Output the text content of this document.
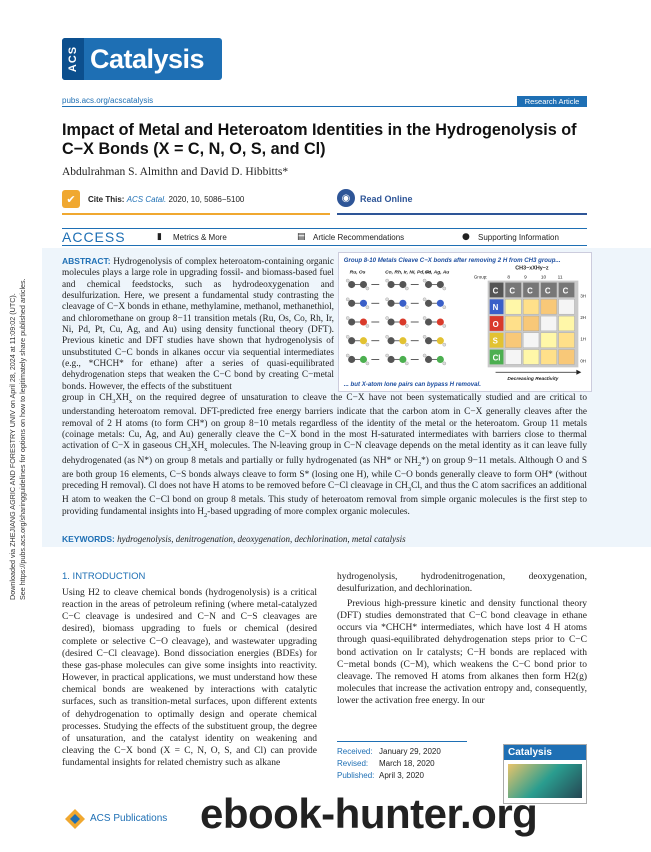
Downloaded via ZHEJIANG AGRIC AND FORESTRY UNIV on April 28, 2024 at 11:09:02 (UTC). See https://pubs.acs.org/sharingguidelines for options on how to legitimately share published articles.
ACS Catalysis
pubs.acs.org/acscatalysis	Research Article
Impact of Metal and Heteroatom Identities in the Hydrogenolysis of C−X Bonds (X = C, N, O, S, and Cl)
Abdulrahman S. Almithn and David D. Hibbitts*
✔	Cite This: ACS Catal. 2020, 10, 5086−5100	◉	Read Online
ACCESS	▮	Metrics & More	▤ Article Recommendations	● Supporting Information
Group 8-10 Metals Cleave C−X bonds after removing 2 H from CH3 group...
Ru, Os	Co, Rh, Ir, Ni, Pd, Pt
Cu, Ag, Au
CH3−xXHy−z
Group:	8	9	10 11
C C C C C
N
O
S
Cl
3H
2H
1H
0H
Decreasing Reactivity
... but X-atom lone pairs can bypass H removal.
ABSTRACT: Hydrogenolysis of complex heteroatom-containing organic molecules plays a large role in upgrading fossil- and biomass-based fuel and chemical feedstocks, such as hydrodeoxygenation and desulfurization. Here, we present a fundamental study contrasting the cleavage of C−X bonds in ethane, methylamine, methanol, methanethiol, and chloromethane on group 8−11 transition metals (Ru, Os, Co, Rh, Ir, Ni, Pd, Pt, Cu, Ag, and Au) using density functional theory (DFT). Previous kinetic and DFT studies have shown that hydrogenolysis of unsubstituted C−C bonds in alkanes occur via sequential intermediates (e.g., *CHCH* for ethane) after a series of quasi-equilibrated dehydrogenation steps that weaken the C−C bond by creating C−metal bonds. However, the effects of the substituent
group in $CH_3XH_x$ on the required degree of unsaturation to cleave the C−X have not been systematically studied and are critical to understanding heteroatom removal. DFT-predicted free energy barriers indicate that the carbon atom in C−X generally cleaves after the removal of 2 H atoms (to form CH*) on group 8−10 metals regardless of the identity of the metal or the heteroatom. Group 11 metals (coinage metals: Cu, Ag, and Au) generally cleave the C−X bond in the most H-saturated intermediates with barriers close to thermal activation of C−X in gaseous $CH_3XH_x$ molecules. The N-leaving group in C−N cleavage depends on the metal identity as it can leave fully dehydrogenated (as N*) on group 8 metals and partially or fully hydrogenated (as NH* or $NH_2*$) on group 9−11 metals. Although O and S are both group 16 elements, C−S bonds always cleave to form S* (losing one H), while C−O bonds generally cleave to form OH* (without preceding H removal). Cl does not have H atoms to be removed before C−Cl cleavage in $CH_3Cl$, and thus the C atom sacrifices an additional H atom to weaken the C−Cl bond on group 8 metals. This study of heteroatom removal from simple organic molecules is the first step to providing fundamental insights into $H_2$-based upgrading of more complex organic molecules.
KEYWORDS: hydrogenolysis, denitrogenation, deoxygenation, dechlorination, metal catalysis
1. INTRODUCTION
Using H2 to cleave chemical bonds (hydrogenolysis) is a critical reaction in the areas of petroleum refining (where metal-catalyzed C−C cleavage is undesired and C−N and C−S cleavages are desired), biomass upgrading to fuels or chemical (desired complete or selective C−O cleavage), and wastewater upgrading (desired C−Cl cleavage). Bond dissociation energies (BDEs) for these gas-phase molecules can give some insights into reactivity. However, in practical applications, we must understand how these chemical bonds are weakened by interactions with catalytic surfaces, such as transition-metal surfaces, upon different extents of dehydrogenation to optimally design and operate chemical processes. Studying the effects of the substituent group, the degree of unsaturation, and the catalyst identity on weakening and cleaving the C−X bond (X = C, N, O, S, and Cl) can provide fundamental insights for related chemistry such as alkane
hydrogenolysis, hydrodenitrogenation, deoxygenation, desulfurization, and dechlorination.
Previous high-pressure kinetic and density functional theory (DFT) studies demonstrated that C−C bond cleavage in ethane occurs via *CHCH* intermediates, which have lost 4 H atoms through quasi-equilibrated dehydrogenation steps prior to C−C bond activation on Ir catalysts; C−H bonds are replaced with C−metal bonds (C−M), which weakens the C−C bond prior to cleavage. The removed H atoms from alkanes then form H2(g) molecules that increase the activation entropy and, consequently, lower the activation free energy. In our
Received: January 29, 2020
Revised: March 18, 2020
Published: April 3, 2020
Catalysis
ACS Publications ebook-hunter.org
